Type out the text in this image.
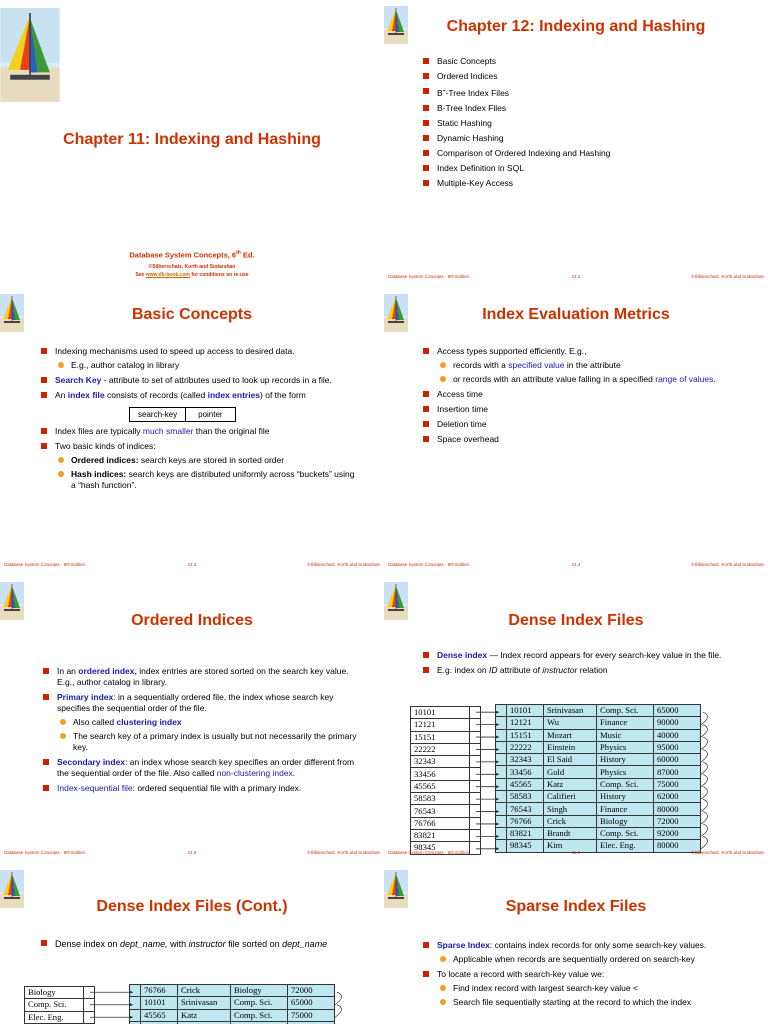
Chapter 11: Indexing and Hashing
Database System Concepts, 6th Ed.
©Silberschatz, Korth and Sudarshan
See www.db-book.com for conditions on re-use
Chapter 12: Indexing and Hashing
Basic Concepts
Ordered Indices
B+-Tree Index Files
B-Tree Index Files
Static Hashing
Dynamic Hashing
Comparison of Ordered Indexing and Hashing
Index Definition in SQL
Multiple-Key Access
Database System Concepts - 6th Edition	11.2	©Silberschatz, Korth and Sudarshan
Basic Concepts
Indexing mechanisms used to speed up access to desired data.
E.g., author catalog in library
Search Key - attribute to set of attributes used to look up records in a file.
An index file consists of records (called index entries) of the form
search-key	pointer
Index files are typically much smaller than the original file
Two basic kinds of indices:
Ordered indices: search keys are stored in sorted order
Hash indices: search keys are distributed uniformly across “buckets” using a “hash function”.
Database System Concepts - 6th Edition	11.3	©Silberschatz, Korth and Sudarshan
Index Evaluation Metrics
Access types supported efficiently. E.g.,
records with a specified value in the attribute
or records with an attribute value falling in a specified range of values.
Access time
Insertion time
Deletion time
Space overhead
Database System Concepts - 6th Edition	11.4	©Silberschatz, Korth and Sudarshan
Ordered Indices
In an ordered index, index entries are stored sorted on the search key value. E.g., author catalog in library.
Primary index: in a sequentially ordered file, the index whose search key specifies the sequential order of the file.
Also called clustering index
The search key of a primary index is usually but not necessarily the primary key.
Secondary index: an index whose search key specifies an order different from the sequential order of the file. Also called non-clustering index.
Index-sequential file: ordered sequential file with a primary index.
Database System Concepts - 6th Edition	11.5	©Silberschatz, Korth and Sudarshan
Dense Index Files
Dense index — Index record appears for every search-key value in the file.
E.g. index on ID attribute of instructor relation
10101	
12121	
15151	
22222	
32343	
33456	
45565	
58583	
76543	
76766	
83821	
98345	
	10101	Srinivasan	Comp. Sci.	65000
	12121	Wu	Finance	90000
	15151	Mozart	Music	40000
	22222	Einstein	Physics	95000
	32343	El Said	History	60000
	33456	Gold	Physics	87000
	45565	Katz	Comp. Sci.	75000
	58583	Califieri	History	62000
	76543	Singh	Finance	80000
	76766	Crick	Biology	72000
	83821	Brandt	Comp. Sci.	92000
	98345	Kim	Elec. Eng.	80000
Database System Concepts - 6th Edition	11.6	©Silberschatz, Korth and Sudarshan
Dense Index Files (Cont.)
Dense index on dept_name, with instructor file sorted on dept_name
Biology	
Comp. Sci.	
Elec. Eng.	

	76766	Crick	Biology	72000
	10101	Srinivasan	Comp. Sci.	65000
	45565	Katz	Comp. Sci.	75000

Sparse Index Files
Sparse Index: contains index records for only some search-key values.
Applicable when records are sequentially ordered on search-key
To locate a record with search-key value we:
Find index record with largest search-key value <
Search file sequentially starting at the record to which the index
